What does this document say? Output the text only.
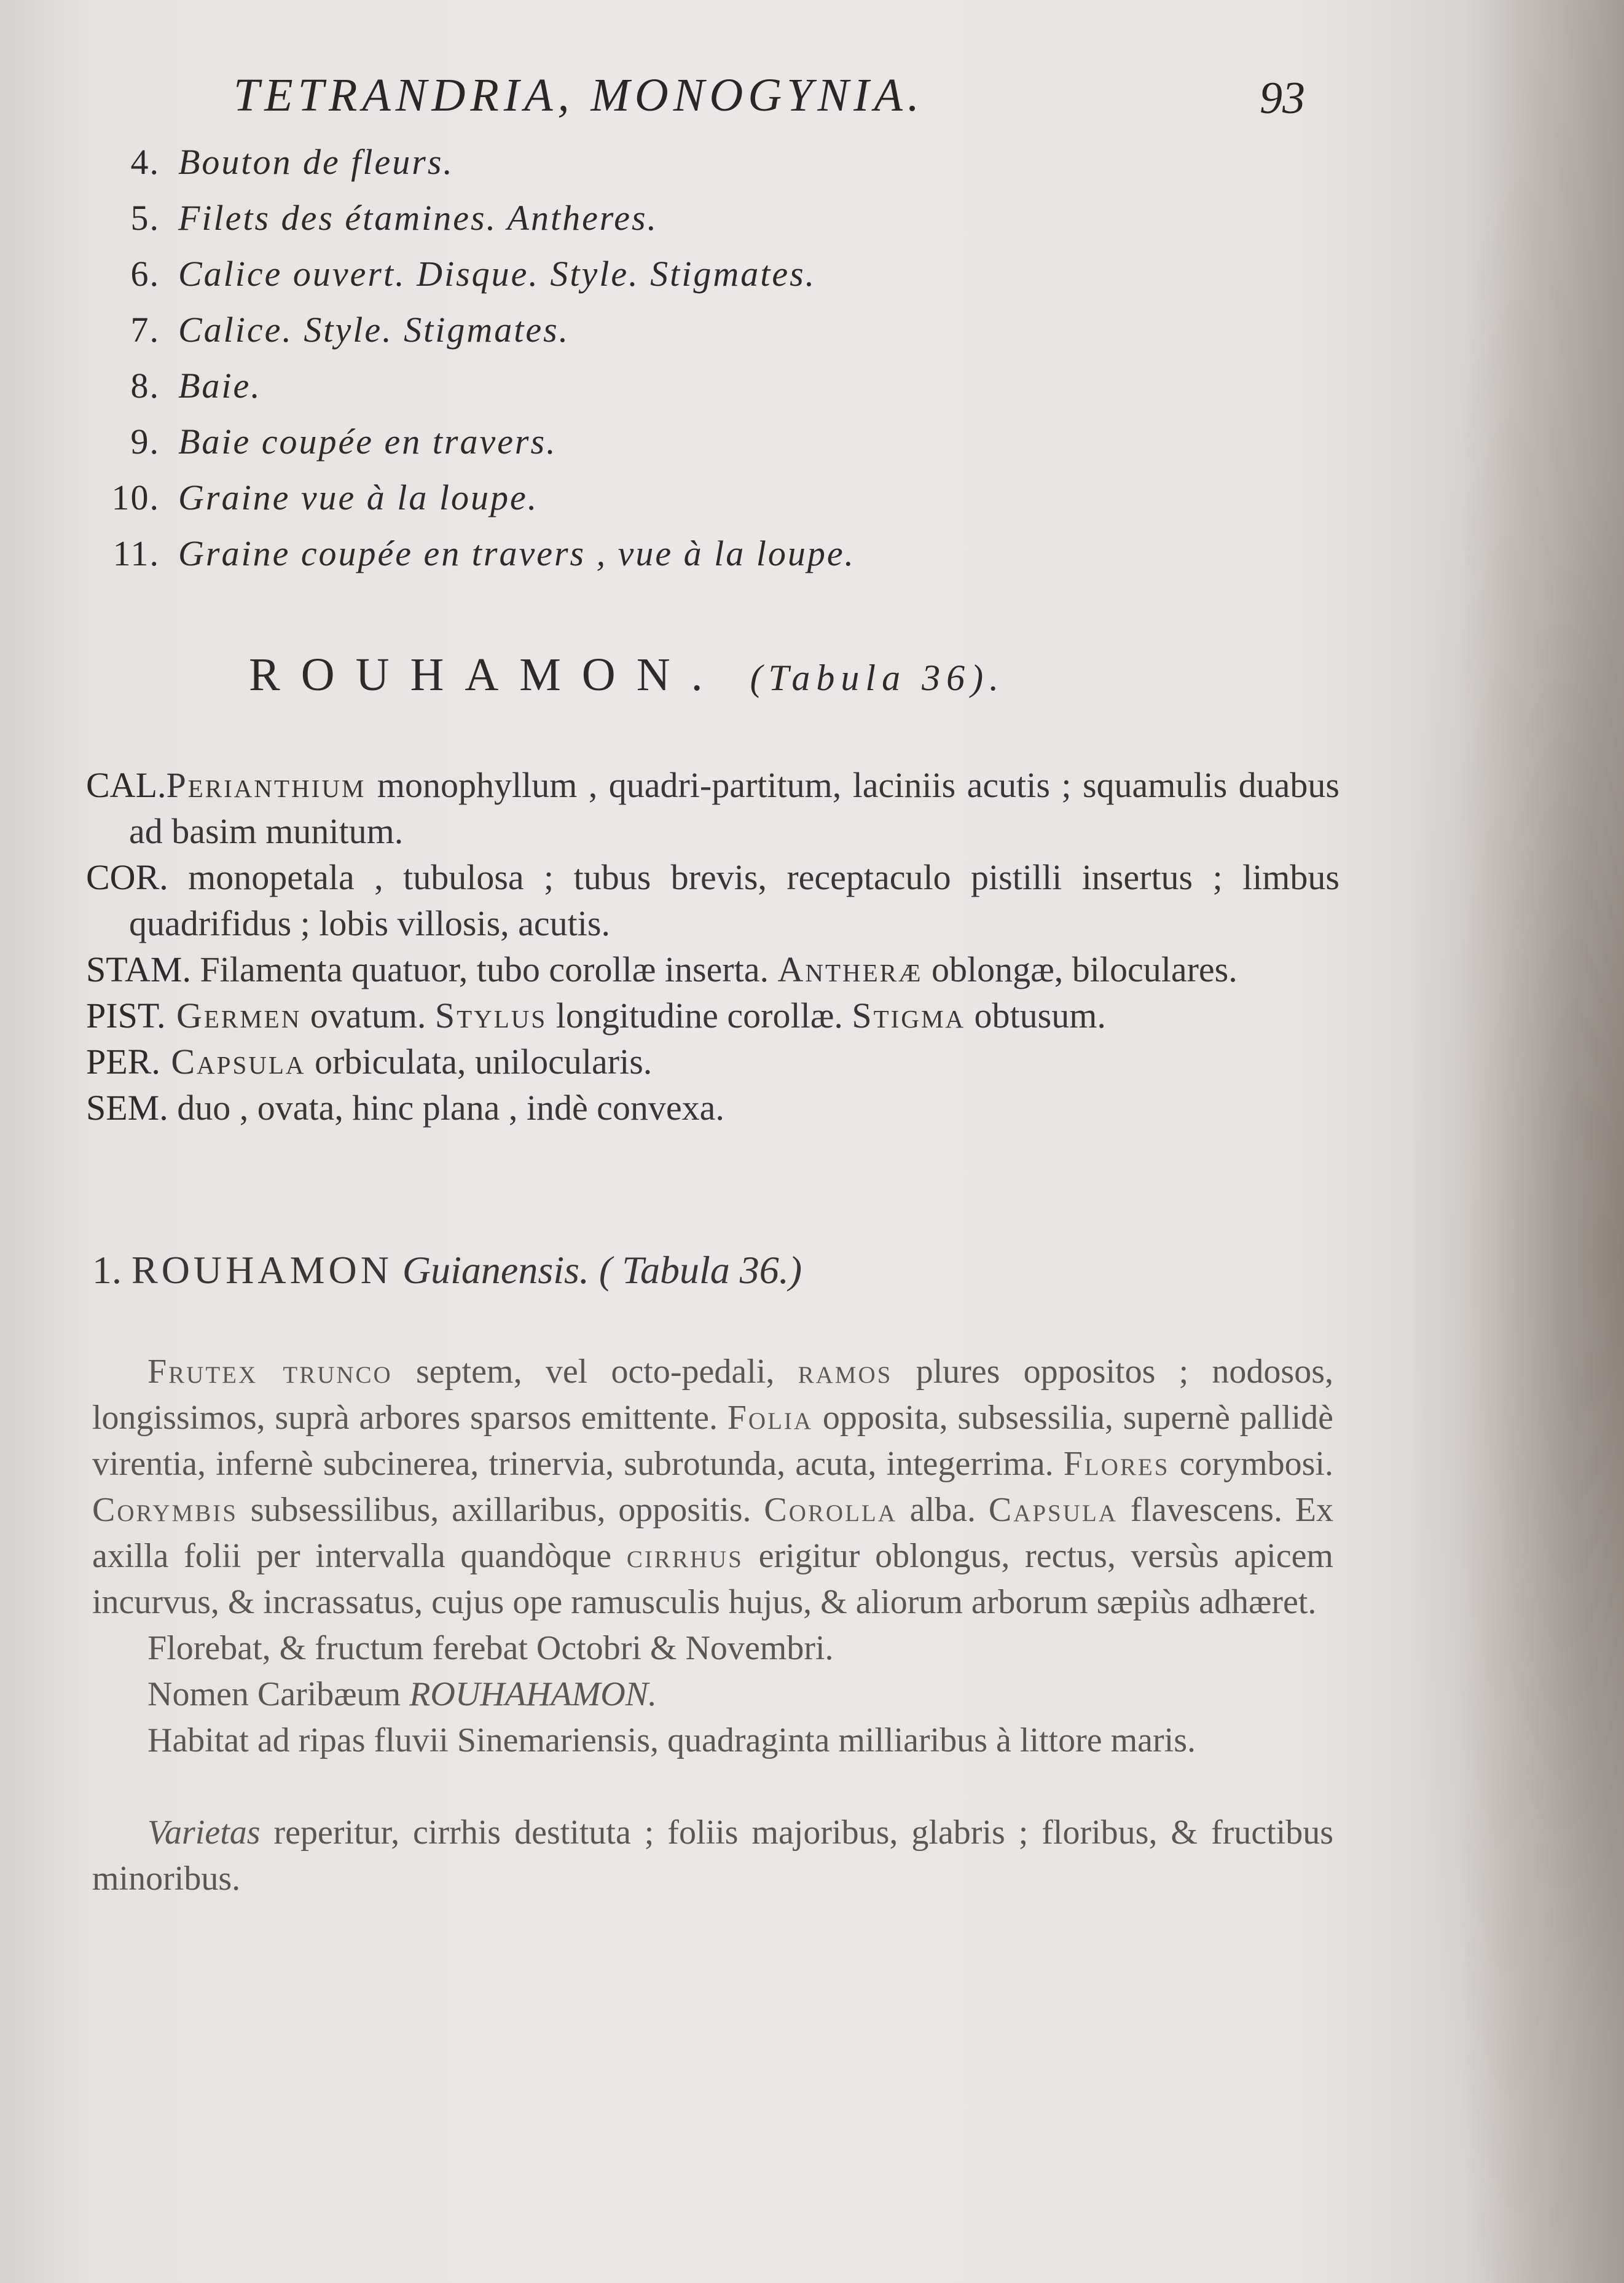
TETRANDRIA, MONOGYNIA.	93
4. Bouton de fleurs.
5. Filets des étamines. Antheres.
6. Calice ouvert. Disque. Style. Stigmates.
7. Calice. Style. Stigmates.
8. Baie.
9. Baie coupée en travers.
10. Graine vue à la loupe.
11. Graine coupée en travers , vue à la loupe.
ROUHAMON. (Tabula 36).

CAL.Perianthium monophyllum , quadri-partitum, laciniis acutis ; squamulis duabus ad basim munitum.

COR. monopetala , tubulosa ; tubus brevis, receptaculo pistilli insertus ; limbus quadrifidus ; lobis villosis, acutis.

STAM. Filamenta quatuor, tubo corollæ inserta. Antheræ oblongæ, biloculares.

PIST. Germen ovatum. Stylus longitudine corollæ. Stigma obtusum.

PER. Capsula orbiculata, unilocularis.

SEM. duo , ovata, hinc plana , indè convexa.

1. ROUHAMON Guianensis. ( Tabula 36.)

Frutex trunco septem, vel octo-pedali, ramos plures oppositos ; nodosos, longissimos, suprà arbores sparsos emittente. Folia opposita, subsessilia, supernè pallidè virentia, infernè subcinerea, trinervia, subrotunda, acuta, integerrima. Flores corymbosi. Corymbis subsessilibus, axillaribus, oppositis. Corolla alba. Capsula flavescens. Ex axilla folii per intervalla quandòque cirrhus erigitur oblongus, rectus, versùs apicem incurvus, & incrassatus, cujus ope ramusculis hujus, & aliorum arborum sæpiùs adhæret.

Florebat, & fructum ferebat Octobri & Novembri.

Nomen Caribæum ROUHAHAMON.

Habitat ad ripas fluvii Sinemariensis, quadraginta milliaribus à littore maris.

Varietas reperitur, cirrhis destituta ; foliis majoribus, glabris ; floribus, & fructibus minoribus.
